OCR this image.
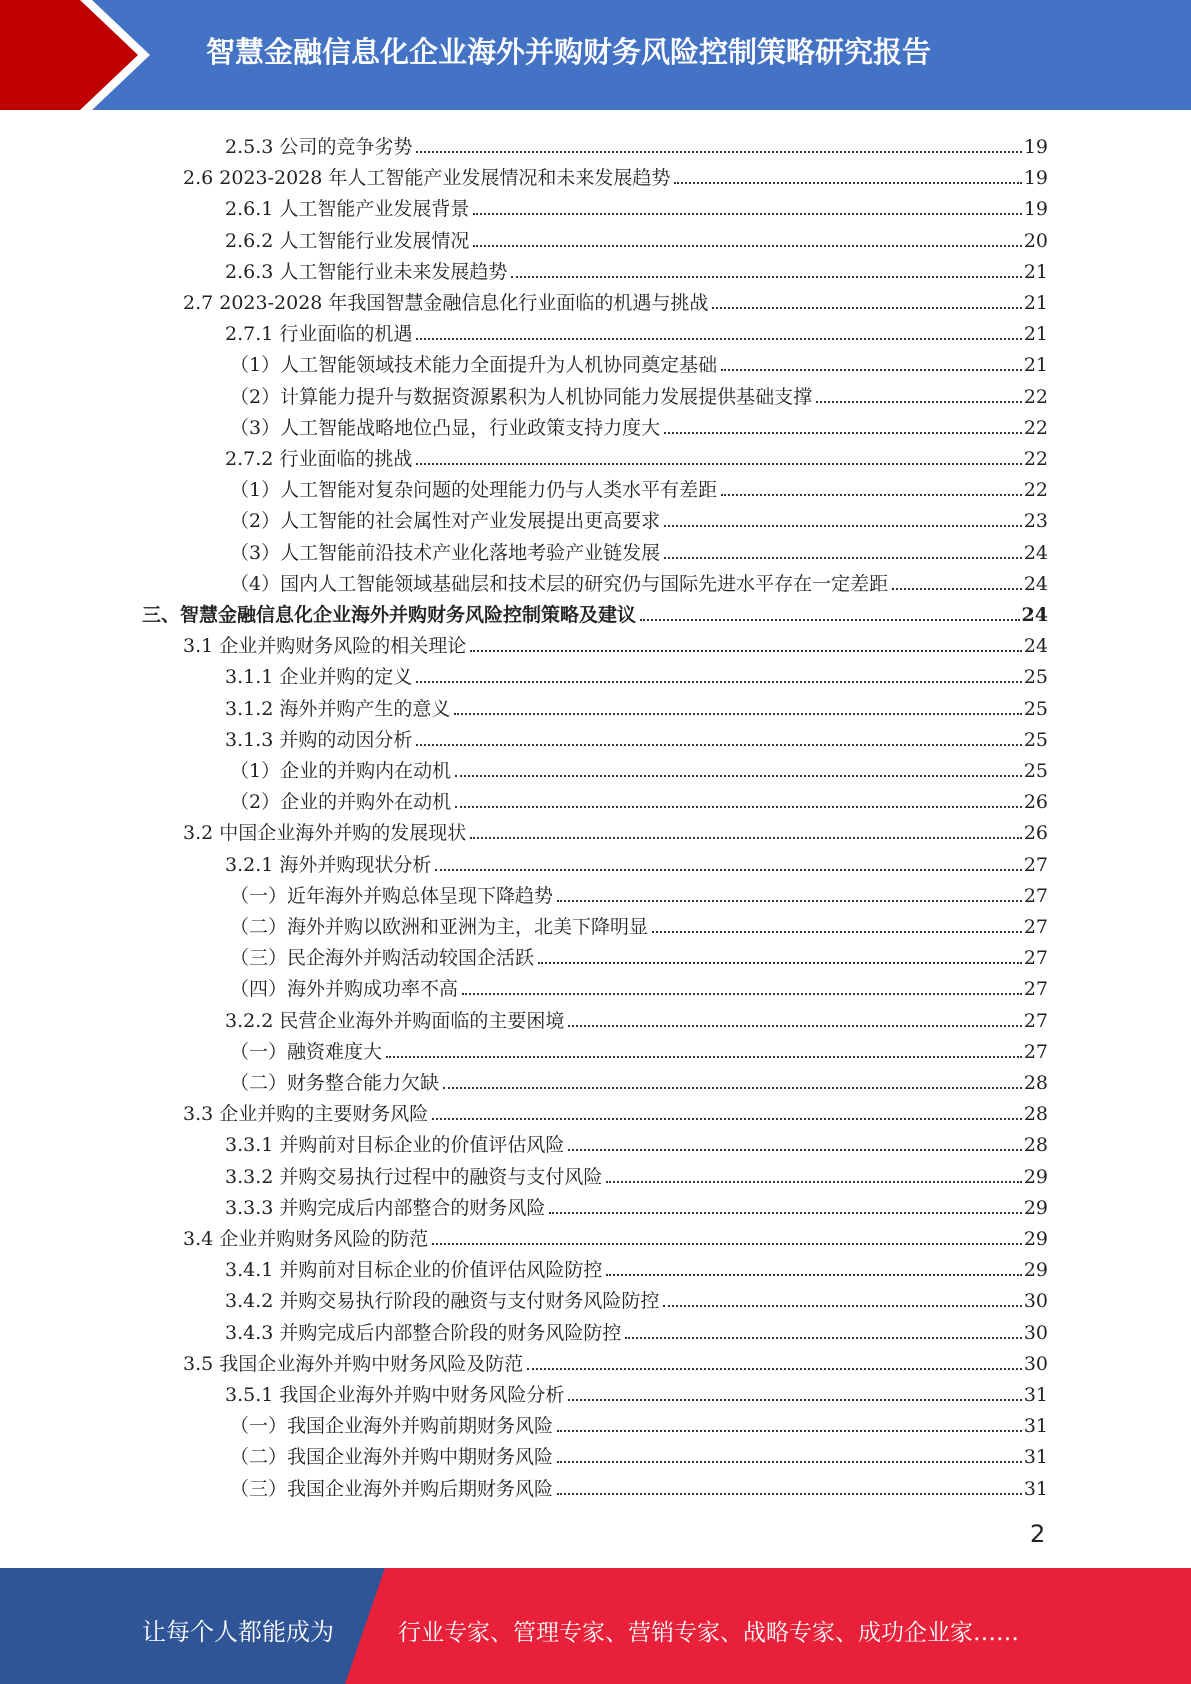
智慧金融信息化企业海外并购财务风险控制策略研究报告
2.5.3 公司的竞争劣势	19
2.6 2023-2028 年人工智能产业发展情况和未来发展趋势	19
2.6.1 人工智能产业发展背景	19
2.6.2 人工智能行业发展情况	20
2.6.3 人工智能行业未来发展趋势	21
2.7 2023-2028 年我国智慧金融信息化行业面临的机遇与挑战	21
2.7.1 行业面临的机遇	21
（1）人工智能领域技术能力全面提升为人机协同奠定基础	21
（2）计算能力提升与数据资源累积为人机协同能力发展提供基础支撑	22
（3）人工智能战略地位凸显，行业政策支持力度大	22
2.7.2 行业面临的挑战	22
（1）人工智能对复杂问题的处理能力仍与人类水平有差距	22
（2）人工智能的社会属性对产业发展提出更高要求	23
（3）人工智能前沿技术产业化落地考验产业链发展	24
（4）国内人工智能领域基础层和技术层的研究仍与国际先进水平存在一定差距	24
三、智慧金融信息化企业海外并购财务风险控制策略及建议	24
3.1 企业并购财务风险的相关理论	24
3.1.1 企业并购的定义	25
3.1.2 海外并购产生的意义	25
3.1.3 并购的动因分析	25
（1）企业的并购内在动机	25
（2）企业的并购外在动机	26
3.2 中国企业海外并购的发展现状	26
3.2.1 海外并购现状分析	27
（一）近年海外并购总体呈现下降趋势	27
（二）海外并购以欧洲和亚洲为主，北美下降明显	27
（三）民企海外并购活动较国企活跃	27
（四）海外并购成功率不高	27
3.2.2 民营企业海外并购面临的主要困境	27
（一）融资难度大	27
（二）财务整合能力欠缺	28
3.3 企业并购的主要财务风险	28
3.3.1 并购前对目标企业的价值评估风险	28
3.3.2 并购交易执行过程中的融资与支付风险	29
3.3.3 并购完成后内部整合的财务风险	29
3.4 企业并购财务风险的防范	29
3.4.1 并购前对目标企业的价值评估风险防控	29
3.4.2 并购交易执行阶段的融资与支付财务风险防控	30
3.4.3 并购完成后内部整合阶段的财务风险防控	30
3.5 我国企业海外并购中财务风险及防范	30
3.5.1 我国企业海外并购中财务风险分析	31
（一）我国企业海外并购前期财务风险	31
（二）我国企业海外并购中期财务风险	31
（三）我国企业海外并购后期财务风险	31
2
让每个人都能成为	行业专家、管理专家、营销专家、战略专家、成功企业家……
